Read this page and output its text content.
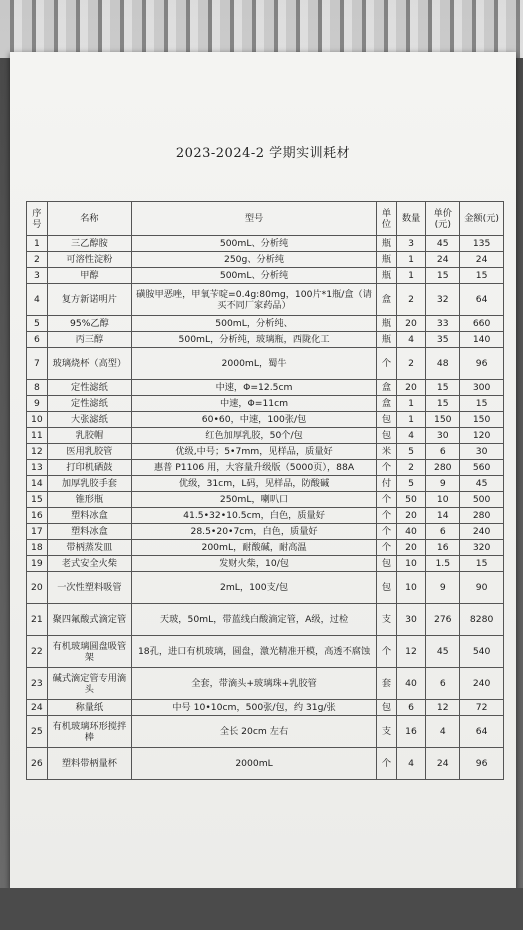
2023-2024-2 学期实训耗材
序号	名称	型号	单位	数量	单价(元)	金额(元)
1	三乙醇胺	500mL、分析纯	瓶	3	45	135
2	可溶性淀粉	250g、分析纯	瓶	1	24	24
3	甲醇	500mL、分析纯	瓶	1	15	15
4	复方新诺明片	磺胺甲恶唑，甲氧苄啶=0.4g:80mg，100片*1瓶/盒（请买不同厂家药品）	盒	2	32	64
5	95%乙醇	500mL，分析纯、	瓶	20	33	660
6	丙三醇	500mL，分析纯，玻璃瓶，西陇化工	瓶	4	35	140
7	玻璃烧杯（高型）	2000mL，蜀牛	个	2	48	96
8	定性滤纸	中速，Φ=12.5cm	盒	20	15	300
9	定性滤纸	中速，Φ=11cm	盒	1	15	15
10	大张滤纸	60•60，中速，100张/包	包	1	150	150
11	乳胶帽	红色加厚乳胶，50个/包	包	4	30	120
12	医用乳胶管	优级,中号；5•7mm，见样品，质量好	米	5	6	30
13	打印机硒鼓	惠普 P1106 用，大容量升级版（5000页），88A	个	2	280	560
14	加厚乳胶手套	优级，31cm，L码，见样品，防酸碱	付	5	9	45
15	锥形瓶	250mL，喇叭口	个	50	10	500
16	塑料冰盒	41.5•32•10.5cm，白色，质量好	个	20	14	280
17	塑料冰盒	28.5•20•7cm，白色，质量好	个	40	6	240
18	带柄蒸发皿	200mL，耐酸碱，耐高温	个	20	16	320
19	老式安全火柴	发财火柴，10/包	包	10	1.5	15
20	一次性塑料吸管	2mL，100支/包	包	10	9	90
21	聚四氟酸式滴定管	天玻，50mL，带蓝线白酸滴定管，A级，过检	支	30	276	8280
22	有机玻璃圆盘吸管架	18孔，进口有机玻璃，圆盘，激光精准开模，高透不腐蚀	个	12	45	540
23	碱式滴定管专用滴头	全套，带滴头+玻璃珠+乳胶管	套	40	6	240
24	称量纸	中号 10•10cm，500张/包，约 31g/张	包	6	12	72
25	有机玻璃环形搅拌棒	全长 20cm 左右	支	16	4	64
26	塑料带柄量杯	2000mL	个	4	24	96
